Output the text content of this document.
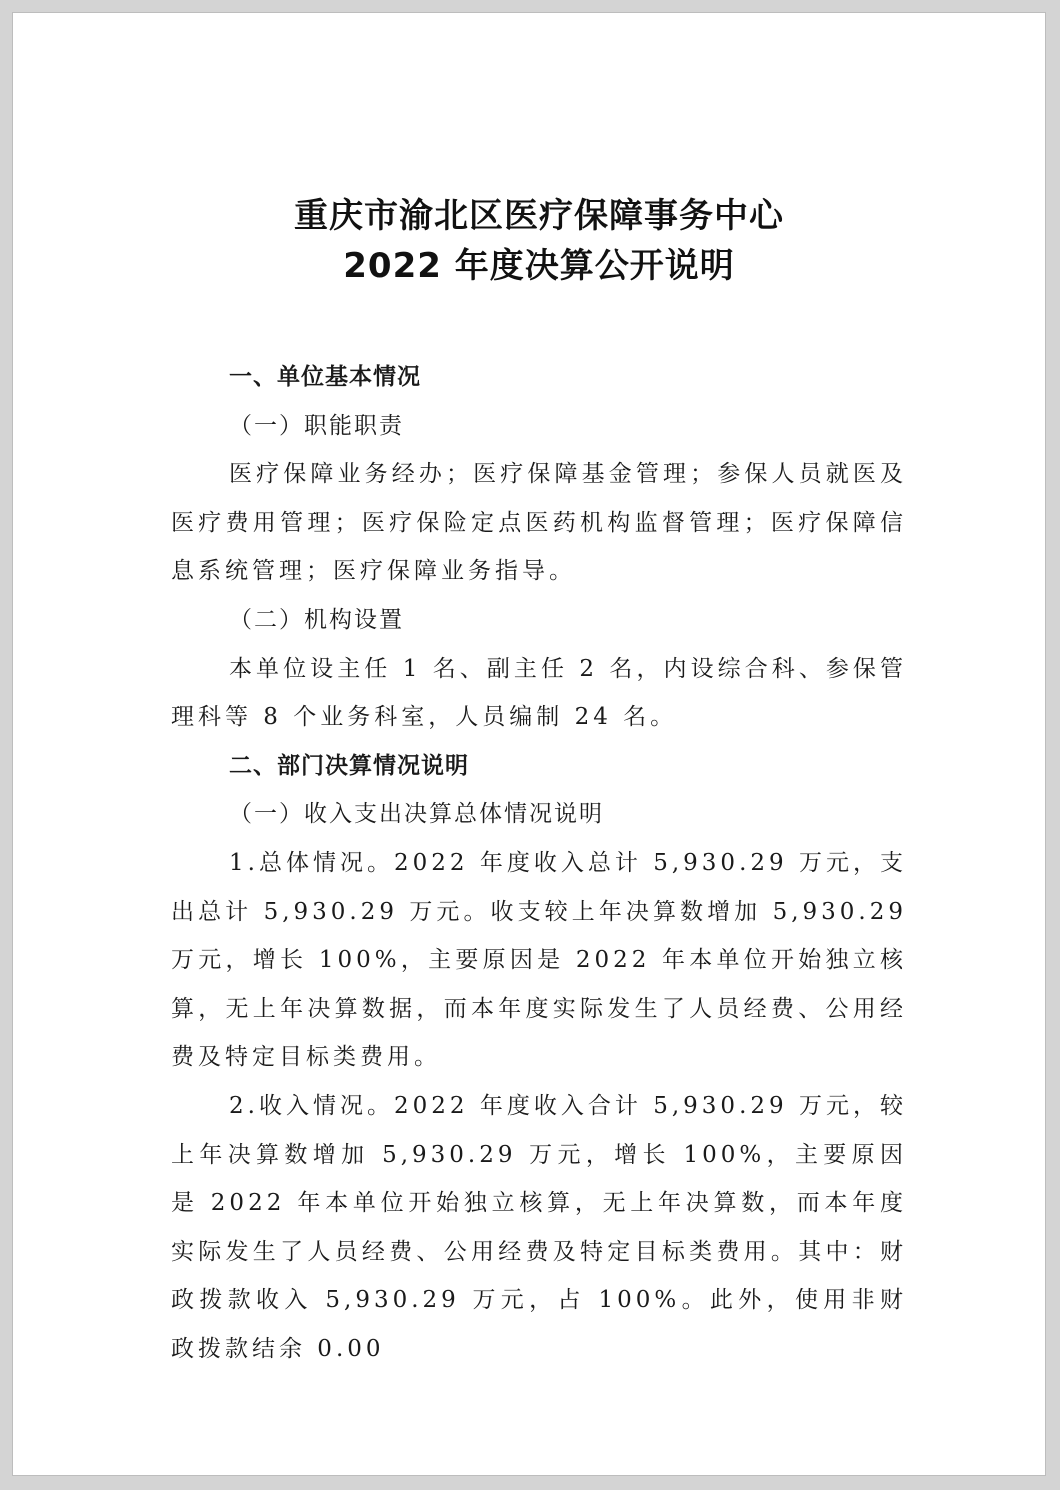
重庆市渝北区医疗保障事务中心
2022 年度决算公开说明

一、单位基本情况

（一）职能职责

医疗保障业务经办；医疗保障基金管理；参保人员就医及医疗费用管理；医疗保险定点医药机构监督管理；医疗保障信息系统管理；医疗保障业务指导。

（二）机构设置

本单位设主任 1 名、副主任 2 名，内设综合科、参保管理科等 8 个业务科室，人员编制 24 名。

二、部门决算情况说明

（一）收入支出决算总体情况说明

1.总体情况。2022 年度收入总计 5,930.29 万元，支出总计 5,930.29 万元。收支较上年决算数增加 5,930.29 万元，增长 100%，主要原因是 2022 年本单位开始独立核算，无上年决算数据，而本年度实际发生了人员经费、公用经费及特定目标类费用。

2.收入情况。2022 年度收入合计 5,930.29 万元，较上年决算数增加 5,930.29 万元，增长 100%，主要原因是 2022 年本单位开始独立核算，无上年决算数，而本年度实际发生了人员经费、公用经费及特定目标类费用。其中：财政拨款收入 5,930.29 万元，占 100%。此外，使用非财政拨款结余 0.00
